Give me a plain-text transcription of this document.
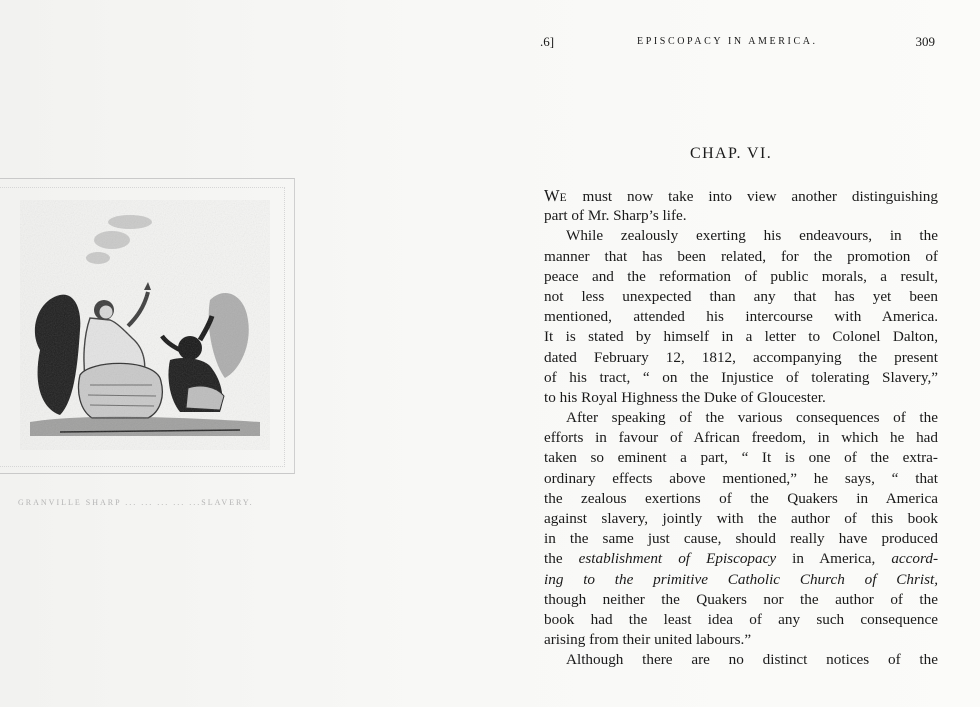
GRANVILLE SHARP ... ... ... ... ...SLAVERY.
.6]	EPISCOPACY IN AMERICA.	309
CHAP. VI.
WE must now take into view another distinguishing
part of Mr. Sharp’s life.
While zealously exerting his endeavours, in the
manner that has been related, for the promotion of
peace and the reformation of public morals, a result,
not less unexpected than any that has yet been
mentioned, attended his intercourse with America.
It is stated by himself in a letter to Colonel Dalton,
dated February 12, 1812, accompanying the present
of his tract, “ on the Injustice of tolerating Slavery,”
to his Royal Highness the Duke of Gloucester.
After speaking of the various consequences of the
efforts in favour of African freedom, in which he had
taken so eminent a part, “ It is one of the extra-
ordinary effects above mentioned,” he says, “ that
the zealous exertions of the Quakers in America
against slavery, jointly with the author of this book
in the same just cause, should really have produced
the establishment of Episcopacy in America, accord-
ing to the primitive Catholic Church of Christ,
though neither the Quakers nor the author of the
book had the least idea of any such consequence
arising from their united labours.”
Although there are no distinct notices of the
